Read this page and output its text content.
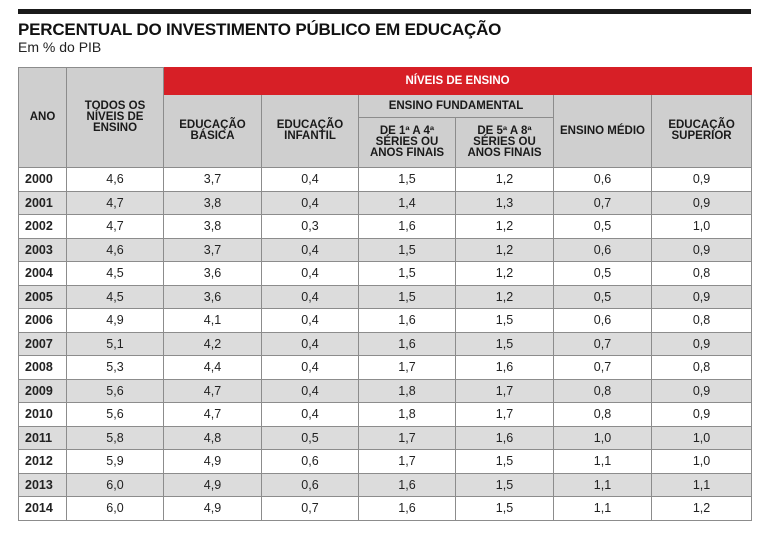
PERCENTUAL DO INVESTIMENTO PÚBLICO EM EDUCAÇÃO
Em % do PIB
ANO	TODOS OS NÍVEIS DE ENSINO	NÍVEIS DE ENSINO					
		EDUCAÇÃO BÁSICA	EDUCAÇÃO INFANTIL	ENSINO FUNDAMENTAL		ENSINO MÉDIO	EDUCAÇÃO SUPERIOR
				DE 1ª A 4ª SÉRIES OU ANOS FINAIS	DE 5ª A 8ª SÉRIES OU ANOS FINAIS		
2000	4,6	3,7	0,4	1,5	1,2	0,6	0,9
2001	4,7	3,8	0,4	1,4	1,3	0,7	0,9
2002	4,7	3,8	0,3	1,6	1,2	0,5	1,0
2003	4,6	3,7	0,4	1,5	1,2	0,6	0,9
2004	4,5	3,6	0,4	1,5	1,2	0,5	0,8
2005	4,5	3,6	0,4	1,5	1,2	0,5	0,9
2006	4,9	4,1	0,4	1,6	1,5	0,6	0,8
2007	5,1	4,2	0,4	1,6	1,5	0,7	0,9
2008	5,3	4,4	0,4	1,7	1,6	0,7	0,8
2009	5,6	4,7	0,4	1,8	1,7	0,8	0,9
2010	5,6	4,7	0,4	1,8	1,7	0,8	0,9
2011	5,8	4,8	0,5	1,7	1,6	1,0	1,0
2012	5,9	4,9	0,6	1,7	1,5	1,1	1,0
2013	6,0	4,9	0,6	1,6	1,5	1,1	1,1
2014	6,0	4,9	0,7	1,6	1,5	1,1	1,2
